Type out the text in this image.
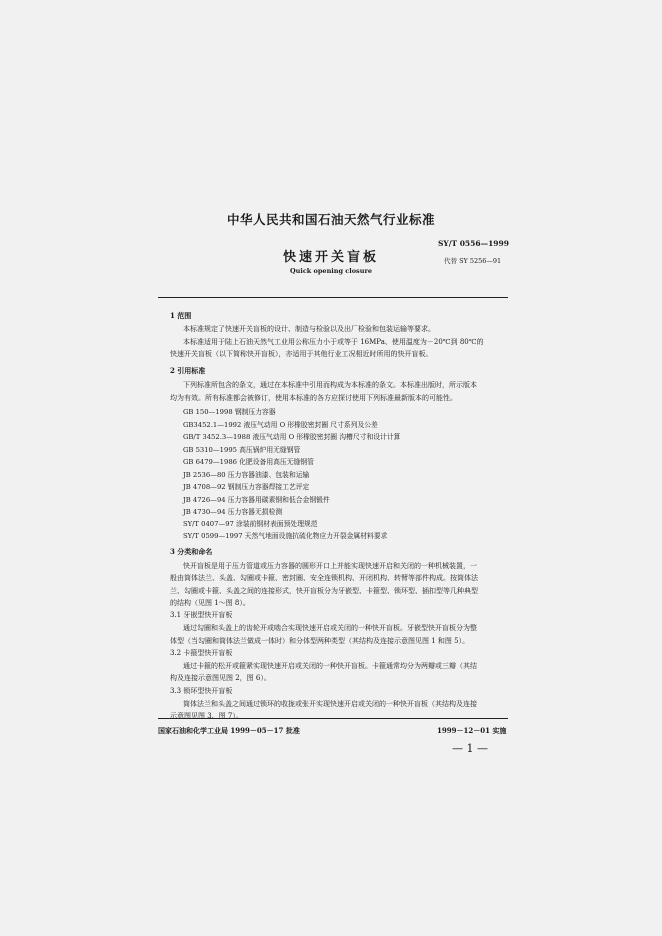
中华人民共和国石油天然气行业标准
SY/T 0556—1999
快速开关盲板	代替 SY 5256—91
Quick opening closure
1 范围
本标准规定了快速开关盲板的设计、制造与检验以及出厂检验和包装运输等要求。
本标准适用于陆上石油天然气工业用公称压力小于或等于 16MPa、使用温度为－20℃到 80℃的
快速开关盲板（以下简称快开盲板），亦适用于其他行业工况相近时所用的快开盲板。
2 引用标准
下列标准所包含的条文，通过在本标准中引用而构成为本标准的条文。本标准出版时，所示版本
均为有效。所有标准都会被修订，使用本标准的各方应探讨使用下列标准最新版本的可能性。
GB 150—1998 钢制压力容器
GB3452.1—1992 液压气动用 O 形橡胶密封圈 尺寸系列及公差
GB/T 3452.3—1988 液压气动用 O 形橡胶密封圈 沟槽尺寸和设计计算
GB 5310—1995 高压锅炉用无缝钢管
GB 6479—1986 化肥设备用高压无缝钢管
JB 2536—80 压力容器油漆、包装和运输
JB 4708—92 钢制压力容器焊接工艺评定
JB 4726—94 压力容器用碳素钢和低合金钢锻件
JB 4730—94 压力容器无损检测
SY/T 0407—97 涂装前钢材表面预处理规范
SY/T 0599—1997 天然气地面设施抗硫化物应力开裂金属材料要求
3 分类和命名
快开盲板是用于压力管道或压力容器的圆形开口上并能实现快速开启和关闭的一种机械装置，一
般由筒体法兰、头盖、勾圈或卡箍、密封圈、安全连锁机构、开闭机构、转臂等部件构成。按筒体法
兰、勾圈或卡箍、头盖之间的连接形式，快开盲板分为牙嵌型、卡箍型、锁环型、插扣型等几种典型
的结构（见图 1～图 8）。
3.1 牙嵌型快开盲板
通过勾圈和头盖上的齿轮开或啮合实现快速开启或关闭的一种快开盲板。牙嵌型快开盲板分为整
体型（当勾圈和筒体法兰做成一体时）和分体型两种类型（其结构及连接示意图见图 1 和图 5）。
3.2 卡箍型快开盲板
通过卡箍的松开或箍紧实现快速开启或关闭的一种快开盲板。卡箍通常均分为两瓣或三瓣（其结
构及连接示意图见图 2，图 6）。
3.3 锁环型快开盲板
筒体法兰和头盖之间通过锁环的收拢或张开实现快速开启或关闭的一种快开盲板（其结构及连接
示意图见图 3、图 7）。
国家石油和化学工业局 1999－05－17 批准	1999－12－01 实施
— 1 —
